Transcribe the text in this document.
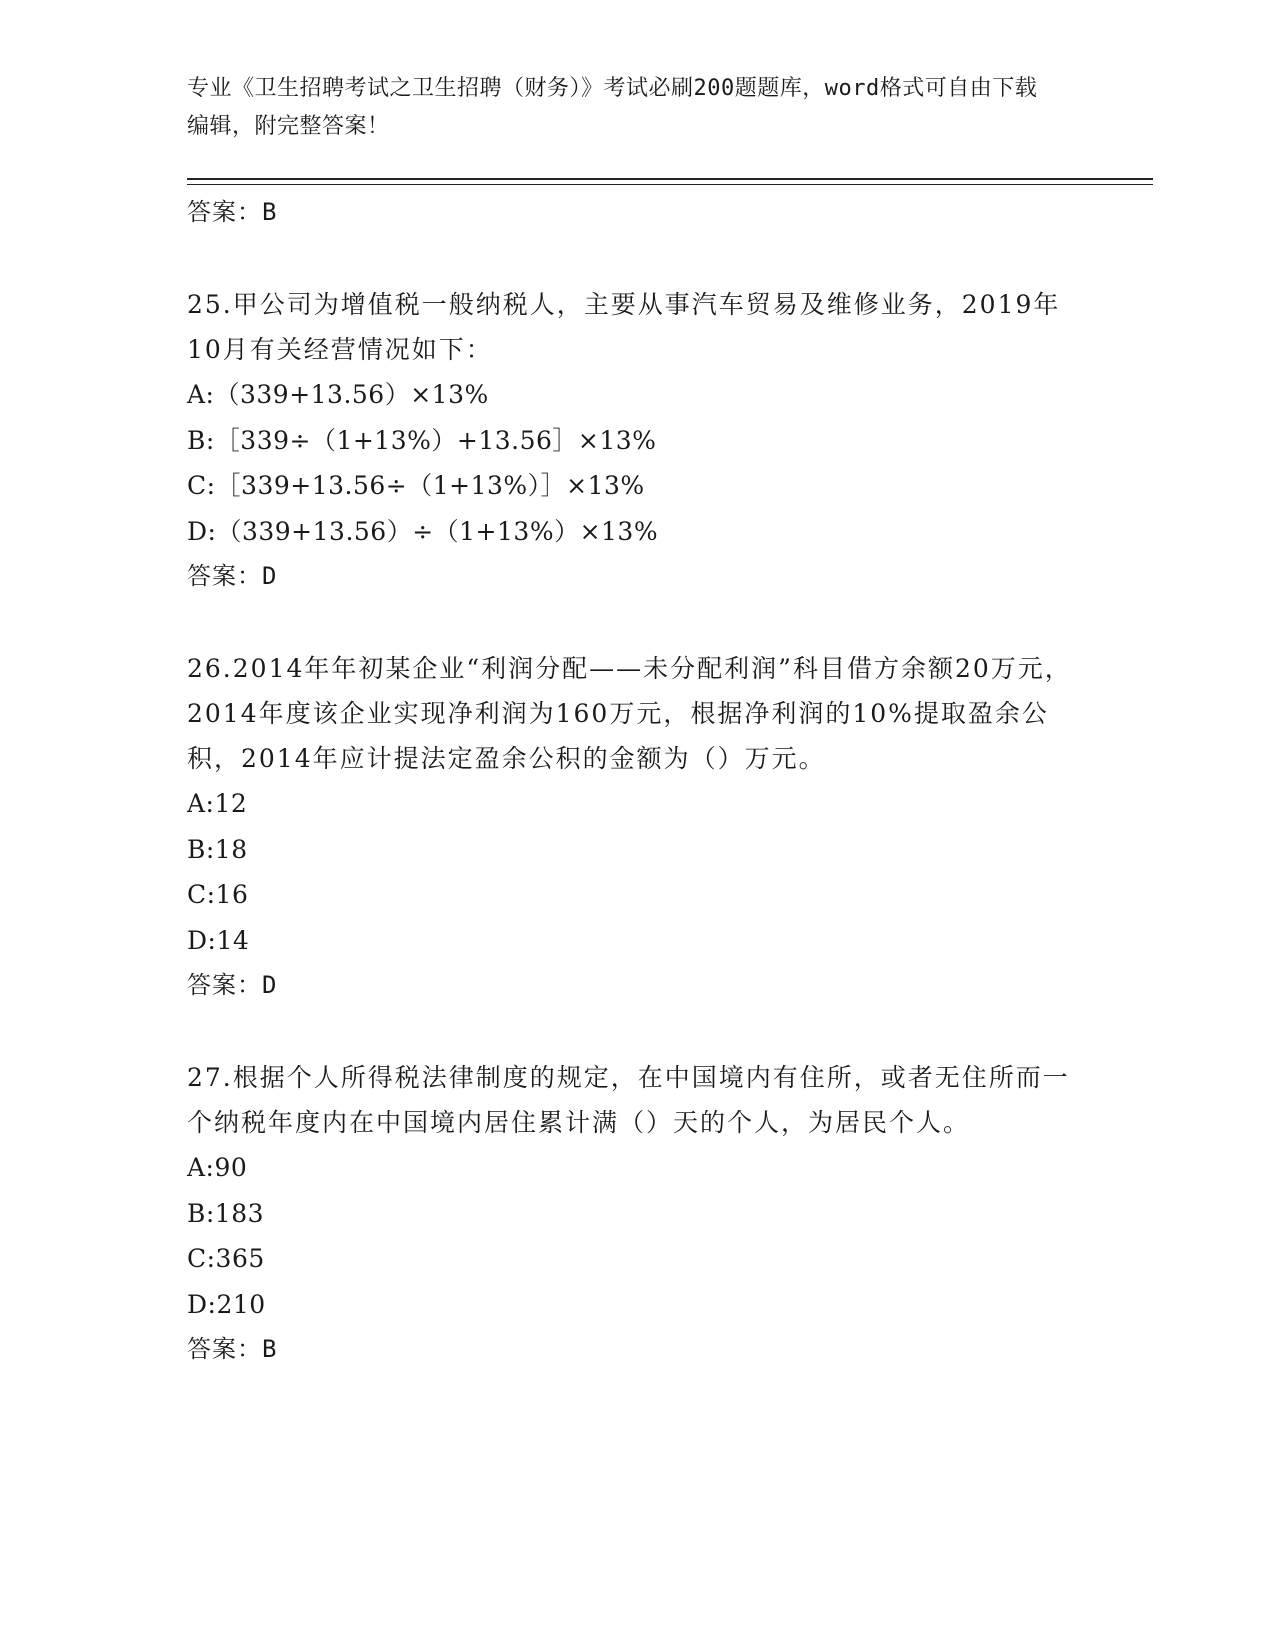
专业《卫生招聘考试之卫生招聘（财务）》考试必刷200题题库，word格式可自由下载编辑，附完整答案！

答案：B

25.甲公司为增值税一般纳税人，主要从事汽车贸易及维修业务，2019年10月有关经营情况如下：

A:（339+13.56）×13%

B:［339÷（1+13%）+13.56］×13%

C:［339+13.56÷（1+13%）］×13%

D:（339+13.56）÷（1+13%）×13%

答案：D

26.2014年年初某企业“利润分配——未分配利润”科目借方余额20万元，2014年度该企业实现净利润为160万元，根据净利润的10%提取盈余公积，2014年应计提法定盈余公积的金额为（）万元。

A:12

B:18

C:16

D:14

答案：D

27.根据个人所得税法律制度的规定，在中国境内有住所，或者无住所而一个纳税年度内在中国境内居住累计满（）天的个人，为居民个人。

A:90

B:183

C:365

D:210

答案：B
